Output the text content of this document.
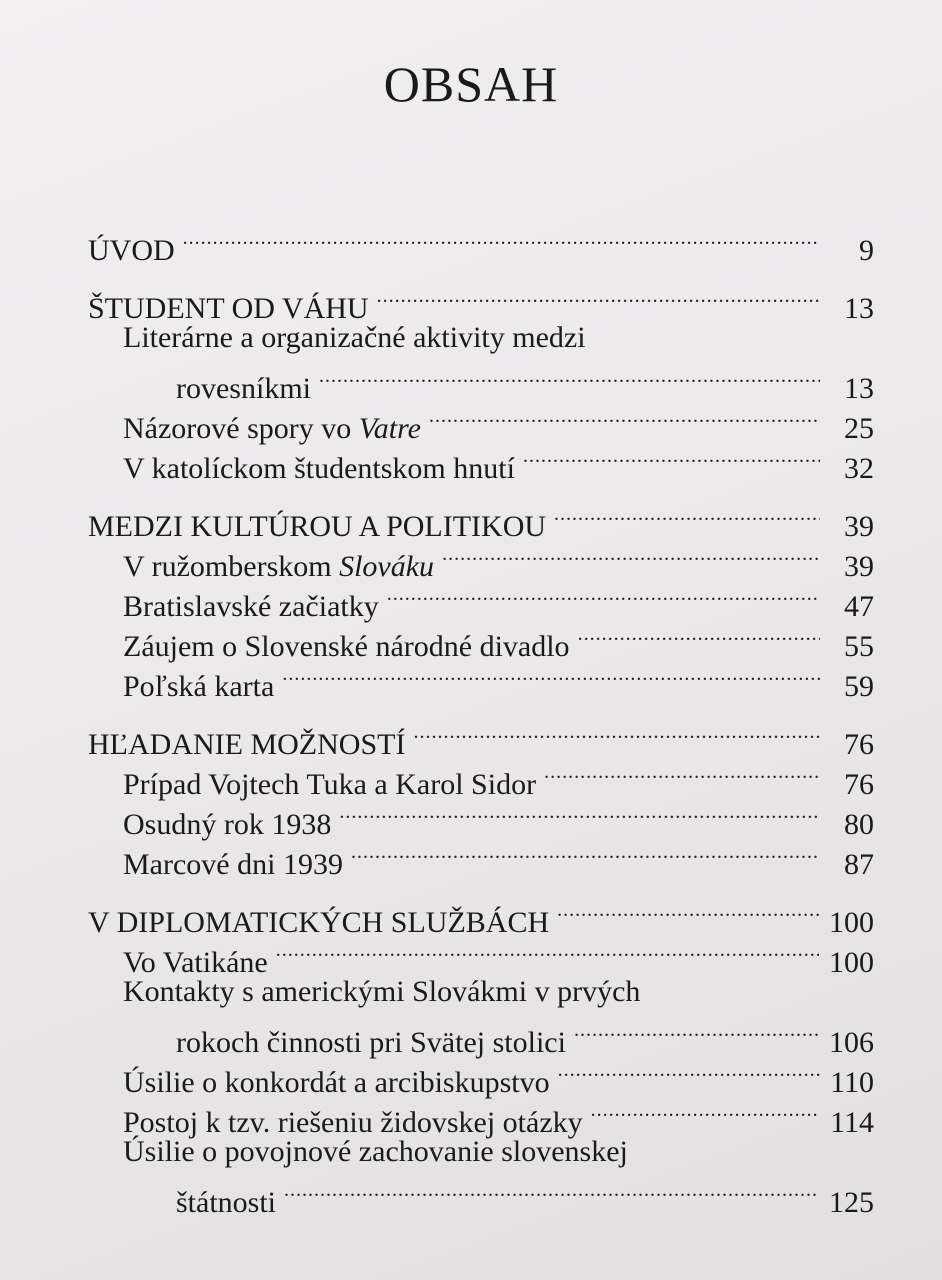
OBSAH
ÚVOD .....	9
ŠTUDENT OD VÁHU .....	13
Literárne a organizačné aktivity medzi
rovesníkmi .....	13
Názorové spory vo Vatre .....	25
V katolíckom študentskom hnutí .....	32
MEDZI KULTÚROU A POLITIKOU .....	39
V ružomberskom Slováku .....	39
Bratislavské začiatky .....	47
Záujem o Slovenské národné divadlo .....	55
Poľská karta .....	59
HĽADANIE MOŽNOSTÍ .....	76
Prípad Vojtech Tuka a Karol Sidor .....	76
Osudný rok 1938 .....	80
Marcové dni 1939 .....	87
V DIPLOMATICKÝCH SLUŽBÁCH .....	100
Vo Vatikáne .....	100
Kontakty s americkými Slovákmi v prvých
rokoch činnosti pri Svätej stolici .....	106
Úsilie o konkordát a arcibiskupstvo .....	110
Postoj k tzv. riešeniu židovskej otázky .....	114
Úsilie o povojnové zachovanie slovenskej
štátnosti .....	125
